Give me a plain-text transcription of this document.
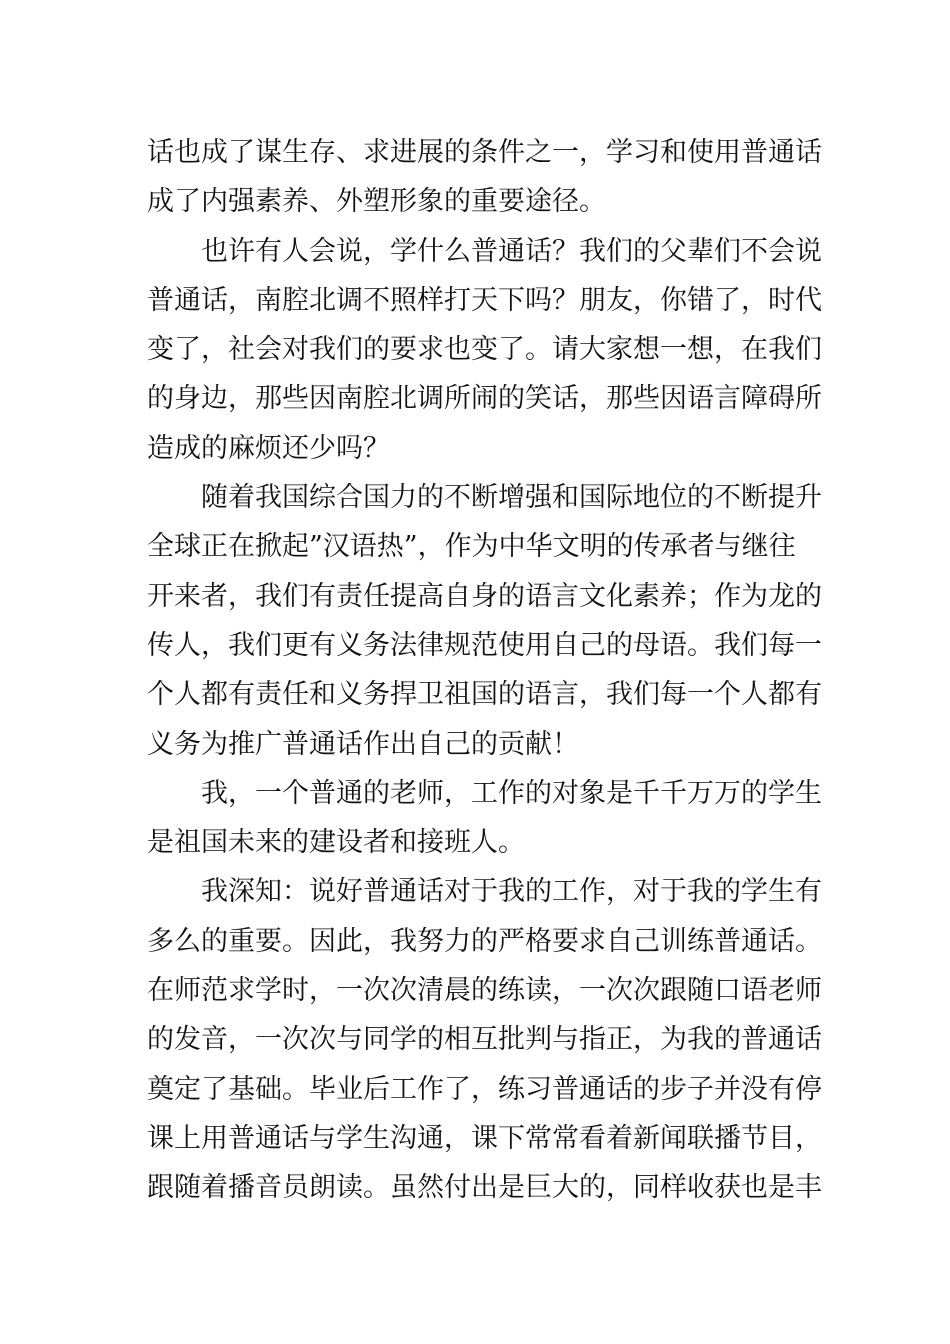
话也成了谋生存、求进展的条件之一，学习和使用普通话
成了内强素养、外塑形象的重要途径。
也许有人会说，学什么普通话？我们的父辈们不会说
普通话，南腔北调不照样打天下吗？朋友，你错了，时代
变了，社会对我们的要求也变了。请大家想一想，在我们
的身边，那些因南腔北调所闹的笑话，那些因语言障碍所
造成的麻烦还少吗？
随着我国综合国力的不断增强和国际地位的不断提升
全球正在掀起”汉语热”，作为中华文明的传承者与继往
开来者，我们有责任提高自身的语言文化素养；作为龙的
传人，我们更有义务法律规范使用自己的母语。我们每一
个人都有责任和义务捍卫祖国的语言，我们每一个人都有
义务为推广普通话作出自己的贡献！
我，一个普通的老师，工作的对象是千千万万的学生
是祖国未来的建设者和接班人。
我深知：说好普通话对于我的工作，对于我的学生有
多么的重要。因此，我努力的严格要求自己训练普通话。
在师范求学时，一次次清晨的练读，一次次跟随口语老师
的发音，一次次与同学的相互批判与指正，为我的普通话
奠定了基础。毕业后工作了，练习普通话的步子并没有停
课上用普通话与学生沟通，课下常常看着新闻联播节目，
跟随着播音员朗读。虽然付出是巨大的，同样收获也是丰
